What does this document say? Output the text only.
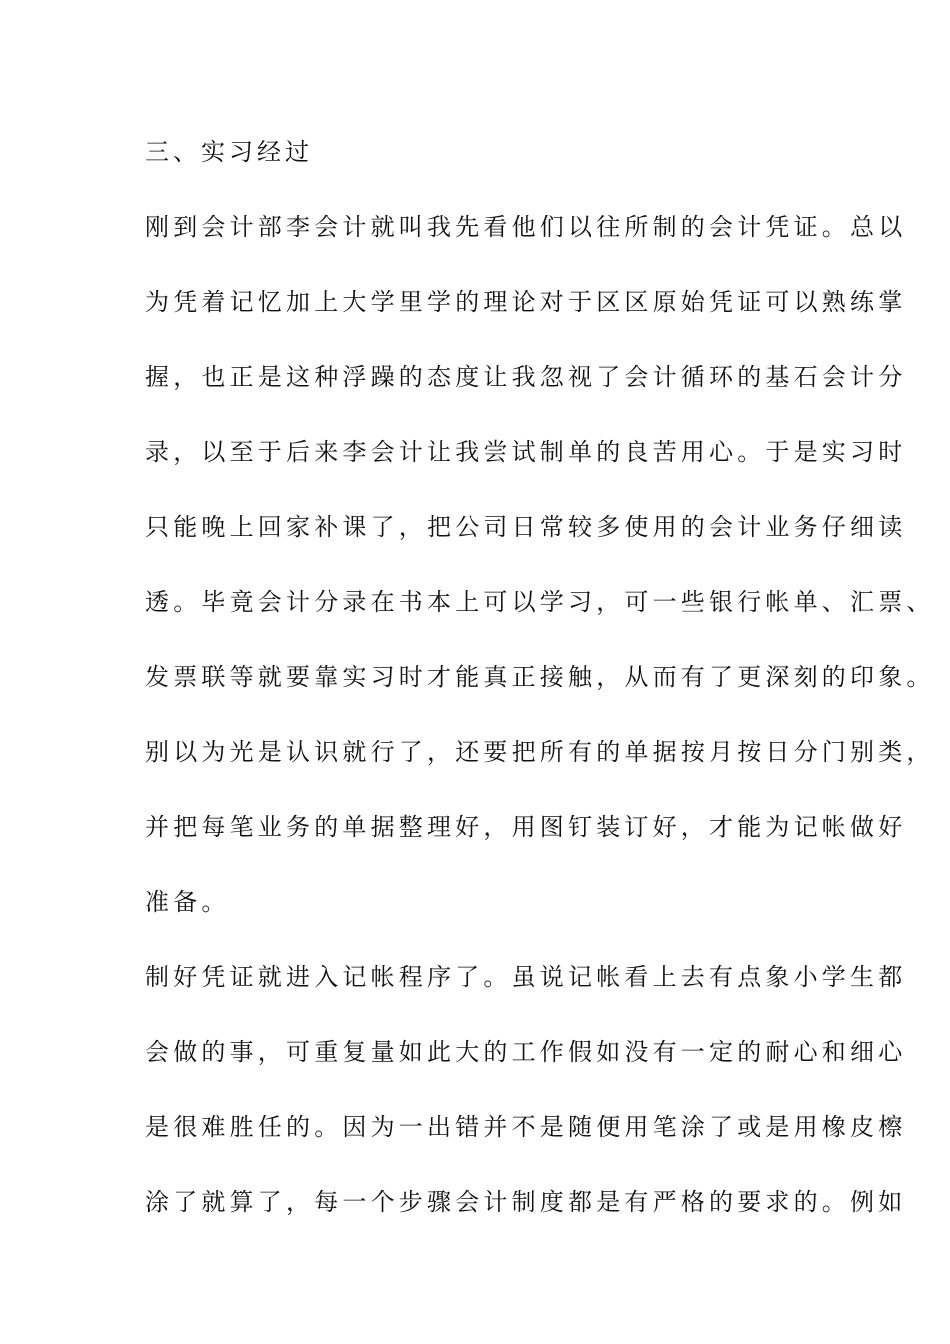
三、实习经过
刚到会计部李会计就叫我先看他们以往所制的会计凭证。总以
为凭着记忆加上大学里学的理论对于区区原始凭证可以熟练掌
握，也正是这种浮躁的态度让我忽视了会计循环的基石会计分
录，以至于后来李会计让我尝试制单的良苦用心。于是实习时
只能晚上回家补课了，把公司日常较多使用的会计业务仔细读
透。毕竟会计分录在书本上可以学习，可一些银行帐单、汇票、
发票联等就要靠实习时才能真正接触，从而有了更深刻的印象。
别以为光是认识就行了，还要把所有的单据按月按日分门别类，
并把每笔业务的单据整理好，用图钉装订好，才能为记帐做好
准备。
制好凭证就进入记帐程序了。虽说记帐看上去有点象小学生都
会做的事，可重复量如此大的工作假如没有一定的耐心和细心
是很难胜任的。因为一出错并不是随便用笔涂了或是用橡皮檫
涂了就算了，每一个步骤会计制度都是有严格的要求的。例如
